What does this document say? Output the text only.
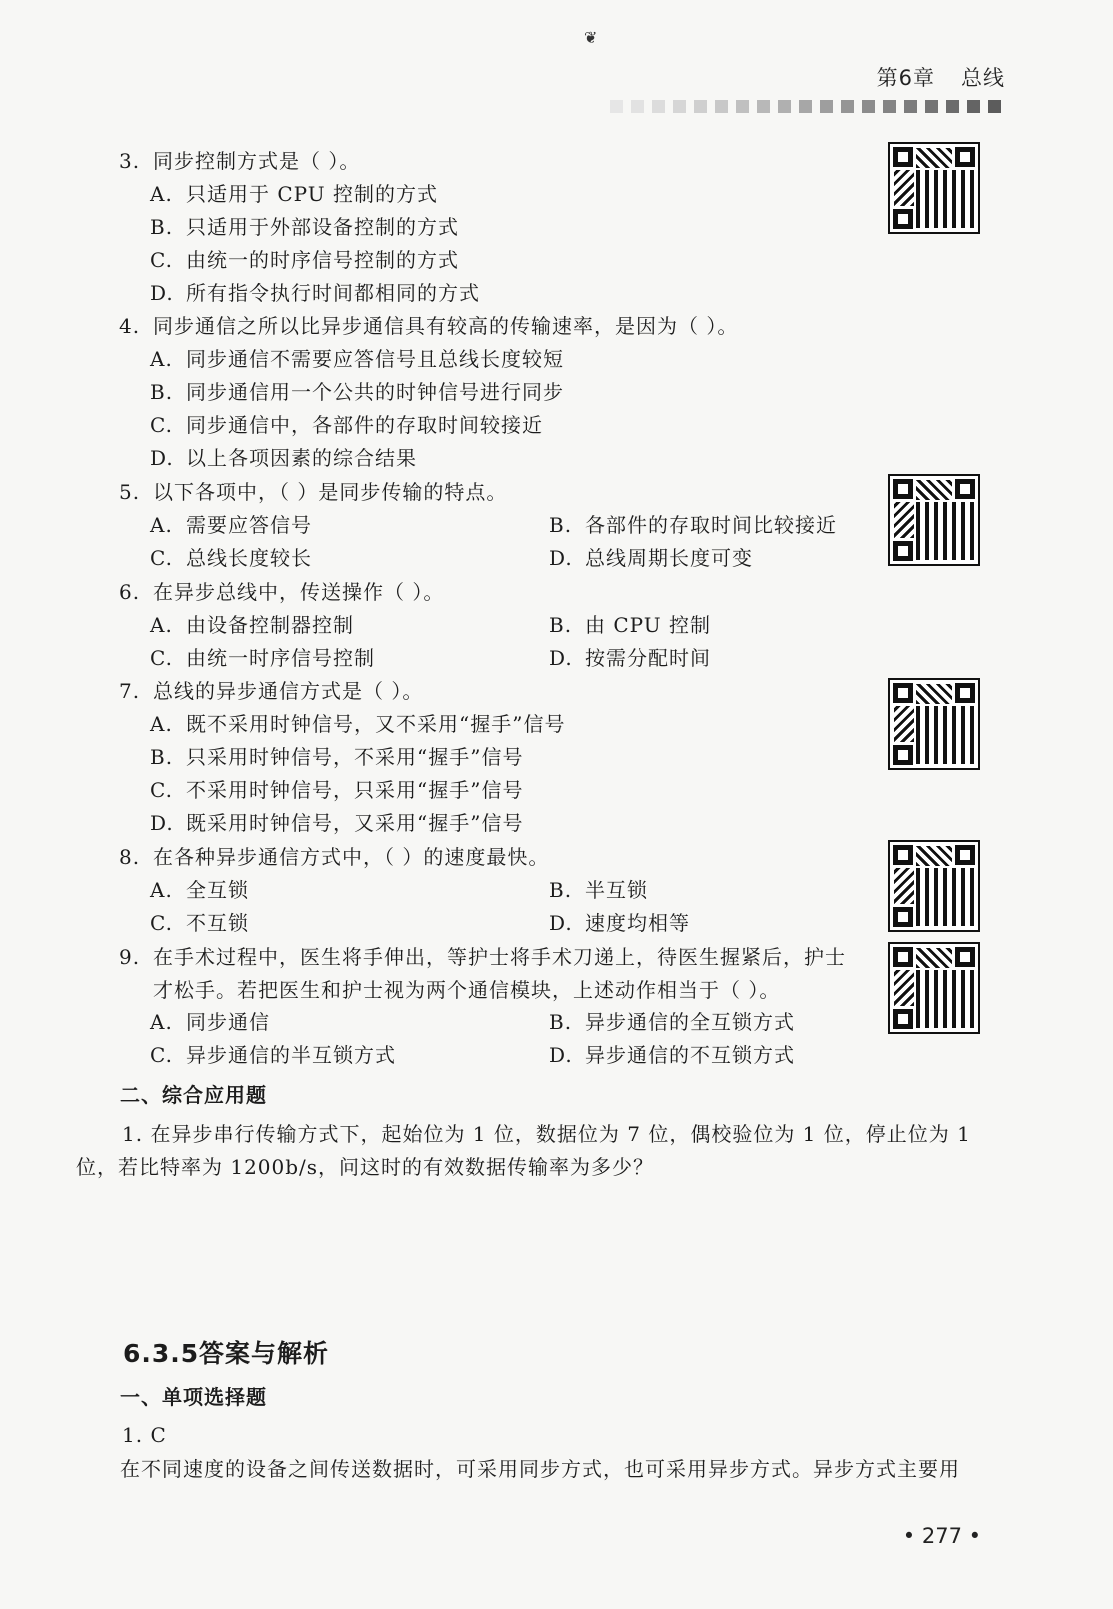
❦
第6章 总线
3. 同步控制方式是（ ）。
A. 只适用于 CPU 控制的方式
B. 只适用于外部设备控制的方式
C. 由统一的时序信号控制的方式
D. 所有指令执行时间都相同的方式
4. 同步通信之所以比异步通信具有较高的传输速率，是因为（ ）。
A. 同步通信不需要应答信号且总线长度较短
B. 同步通信用一个公共的时钟信号进行同步
C. 同步通信中，各部件的存取时间较接近
D. 以上各项因素的综合结果
5. 以下各项中，（ ）是同步传输的特点。
A. 需要应答信号	B. 各部件的存取时间比较接近
C. 总线长度较长	D. 总线周期长度可变
6. 在异步总线中，传送操作（ ）。
A. 由设备控制器控制	B. 由 CPU 控制
C. 由统一时序信号控制	D. 按需分配时间
7. 总线的异步通信方式是（ ）。
A. 既不采用时钟信号，又不采用“握手”信号
B. 只采用时钟信号，不采用“握手”信号
C. 不采用时钟信号，只采用“握手”信号
D. 既采用时钟信号，又采用“握手”信号
8. 在各种异步通信方式中，（ ）的速度最快。
A. 全互锁	B. 半互锁
C. 不互锁	D. 速度均相等
9. 在手术过程中，医生将手伸出，等护士将手术刀递上，待医生握紧后，护士
才松手。若把医生和护士视为两个通信模块，上述动作相当于（ ）。
A. 同步通信	B. 异步通信的全互锁方式
C. 异步通信的半互锁方式	D. 异步通信的不互锁方式
二、综合应用题
1. 在异步串行传输方式下，起始位为 1 位，数据位为 7 位，偶校验位为 1 位，停止位为 1
位，若比特率为 1200b/s，问这时的有效数据传输率为多少？
6.3.5答案与解析
一、单项选择题
1. C
在不同速度的设备之间传送数据时，可采用同步方式，也可采用异步方式。异步方式主要用
• 277 •
